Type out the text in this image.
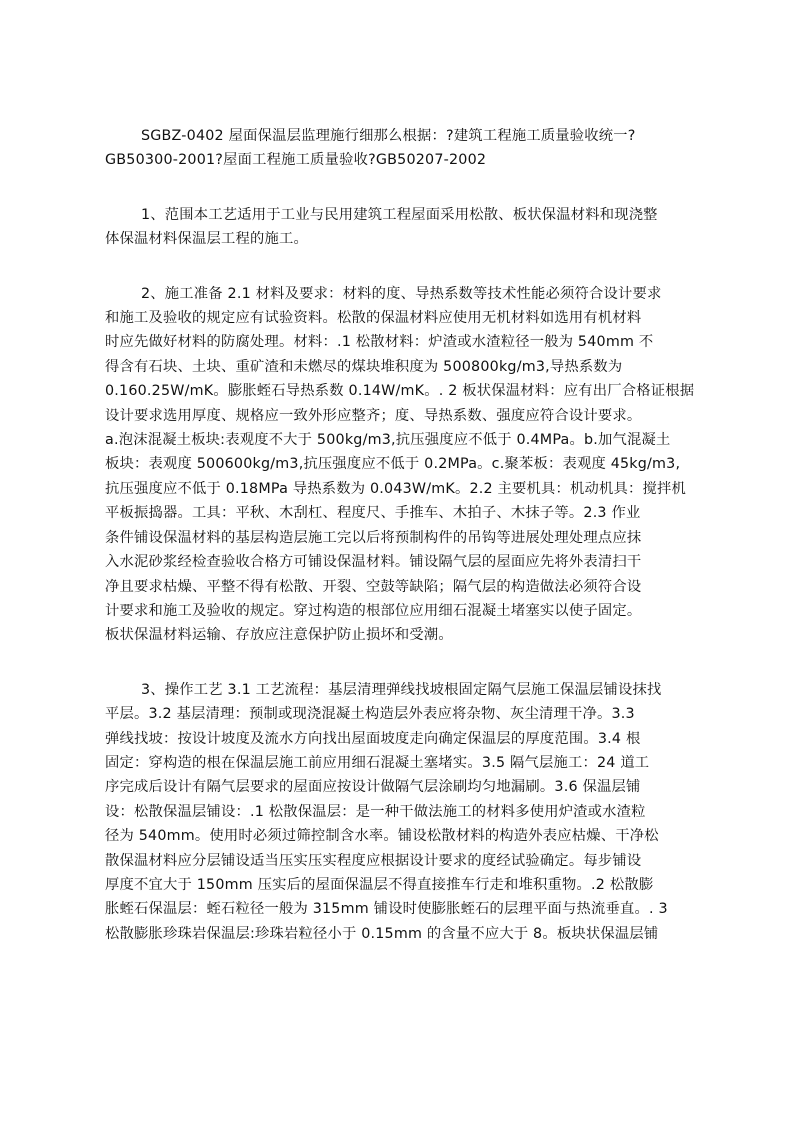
SGBZ-0402 屋面保温层监理施行细那么根据：?建筑工程施工质量验收统一?
GB50300-2001?屋面工程施工质量验收?GB50207-2002

1、范围本工艺适用于工业与民用建筑工程屋面采用松散、板状保温材料和现浇整
体保温材料保温层工程的施工。

2、施工准备 2.1 材料及要求：材料的度、导热系数等技术性能必须符合设计要求
和施工及验收的规定应有试验资料。松散的保温材料应使用无机材料如选用有机材料
时应先做好材料的防腐处理。材料：.1 松散材料：炉渣或水渣粒径一般为 540mm 不
得含有石块、土块、重矿渣和未燃尽的煤块堆积度为 500800kg/m3,导热系数为
0.160.25W/mK。膨胀蛭石导热系数 0.14W/mK。. 2 板状保温材料：应有出厂合格证根据
设计要求选用厚度、规格应一致外形应整齐；度、导热系数、强度应符合设计要求。
a.泡沫混凝土板块:表观度不大于 500kg/m3,抗压强度应不低于 0.4MPa。b.加气混凝土
板块：表观度 500600kg/m3,抗压强度应不低于 0.2MPa。c.聚苯板：表观度 45kg/m3,
抗压强度应不低于 0.18MPa 导热系数为 0.043W/mK。2.2 主要机具：机动机具：搅拌机
平板振捣器。工具：平秋、木刮杠、程度尺、手推车、木拍子、木抹子等。2.3 作业
条件铺设保温材料的基层构造层施工完以后将预制构件的吊钩等进展处理处理点应抹
入水泥砂浆经检查验收合格方可铺设保温材料。铺设隔气层的屋面应先将外表清扫干
净且要求枯燥、平整不得有松散、开裂、空鼓等缺陷；隔气层的构造做法必须符合设
计要求和施工及验收的规定。穿过构造的根部位应用细石混凝土堵塞实以使子固定。
板状保温材料运输、存放应注意保护防止损坏和受潮。

3、操作工艺 3.1 工艺流程：基层清理弹线找坡根固定隔气层施工保温层铺设抹找
平层。3.2 基层清理：预制或现浇混凝土构造层外表应将杂物、灰尘清理干净。3.3
弹线找坡：按设计坡度及流水方向找出屋面坡度走向确定保温层的厚度范围。3.4 根
固定：穿构造的根在保温层施工前应用细石混凝土塞堵实。3.5 隔气层施工：24 道工
序完成后设计有隔气层要求的屋面应按设计做隔气层涂刷均匀地漏刷。3.6 保温层铺
设：松散保温层铺设：.1 松散保温层：是一种干做法施工的材料多使用炉渣或水渣粒
径为 540mm。使用时必须过筛控制含水率。铺设松散材料的构造外表应枯燥、干净松
散保温材料应分层铺设适当压实压实程度应根据设计要求的度经试验确定。每步铺设
厚度不宜大于 150mm 压实后的屋面保温层不得直接推车行走和堆积重物。.2 松散膨
胀蛭石保温层：蛭石粒径一般为 315mm 铺设时使膨胀蛭石的层理平面与热流垂直。. 3
松散膨胀珍珠岩保温层:珍珠岩粒径小于 0.15mm 的含量不应大于 8。板块状保温层铺
